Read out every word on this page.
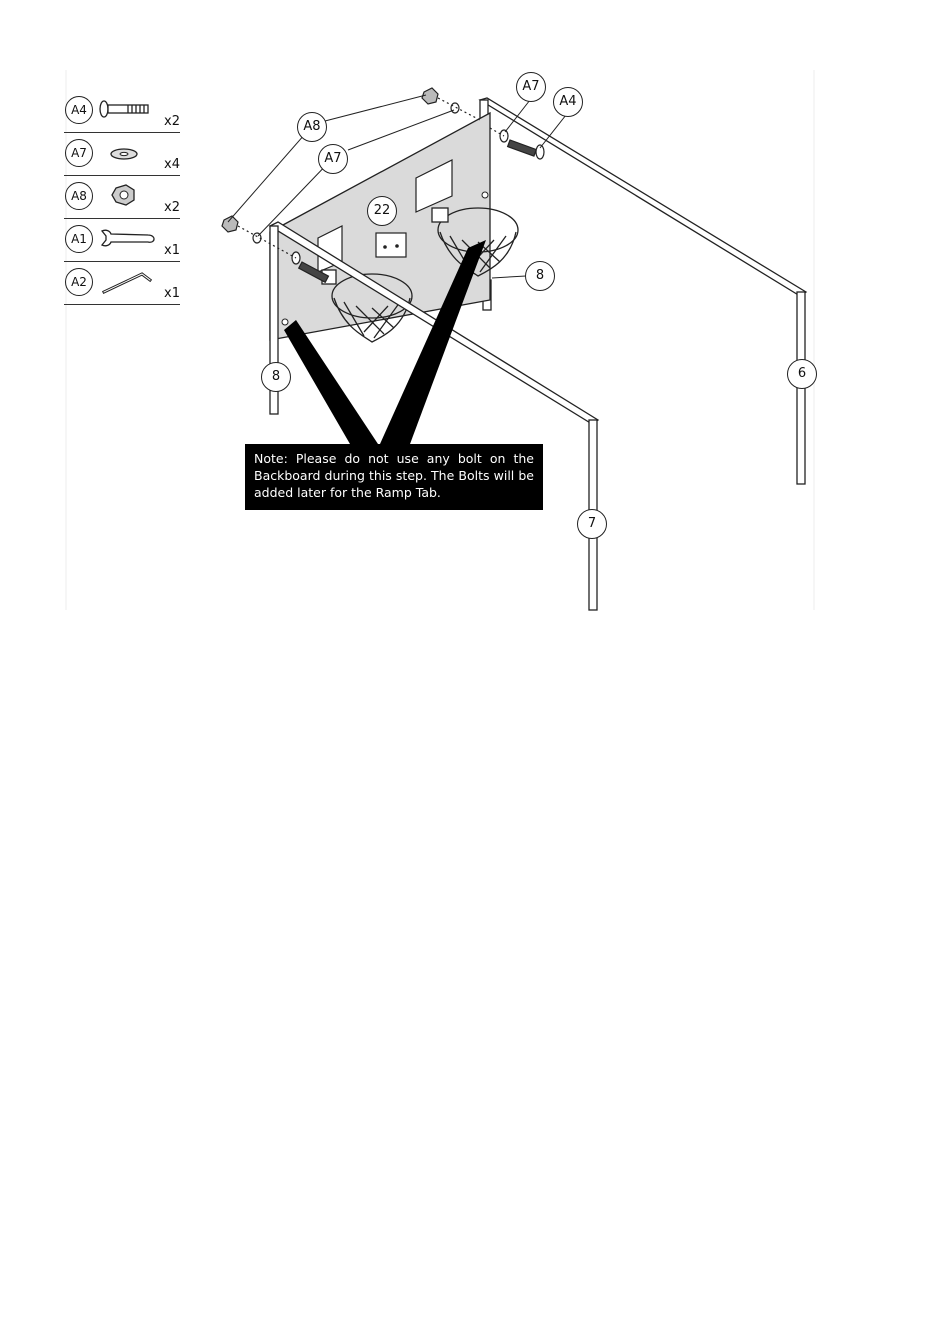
A4
x2
A7
x4
A8
x2
A1
x1
A2
x1
A8
A7
A7
A4
22
8
8	6
7
Note: Please do not use any bolt on the Backboard during this step. The Bolts will be added later for the Ramp Tab.
